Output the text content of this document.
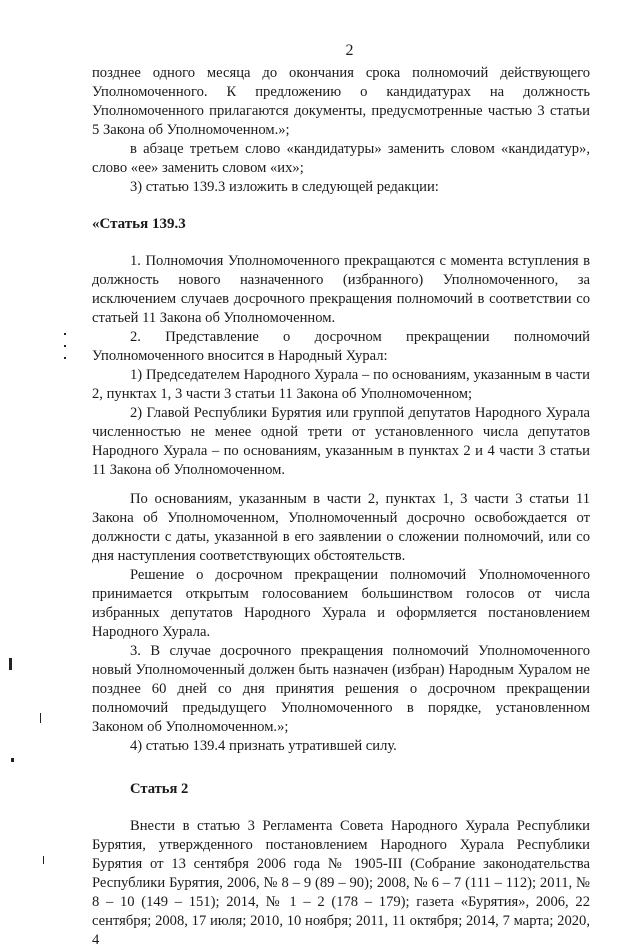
2

позднее одного месяца до окончания срока полномочий действующего Уполномоченного. К предложению о кандидатурах на должность Уполномоченного прилагаются документы, предусмотренные частью 3 статьи 5 Закона об Уполномоченном.»;

в абзаце третьем слово «кандидатуры» заменить словом «кандидатур», слово «ее» заменить словом «их»;

3) статью 139.3 изложить в следующей редакции:

«Статья 139.3

1. Полномочия Уполномоченного прекращаются с момента вступления в должность нового назначенного (избранного) Уполномоченного, за исключением случаев досрочного прекращения полномочий в соответствии со статьей 11 Закона об Уполномоченном.

2. Представление о досрочном прекращении полномочий Уполномоченного вносится в Народный Хурал:

1) Председателем Народного Хурала – по основаниям, указанным в части 2, пунктах 1, 3 части 3 статьи 11 Закона об Уполномоченном;

2) Главой Республики Бурятия или группой депутатов Народного Хурала численностью не менее одной трети от установленного числа депутатов Народного Хурала – по основаниям, указанным в пунктах 2 и 4 части 3 статьи 11 Закона об Уполномоченном.

По основаниям, указанным в части 2, пунктах 1, 3 части 3 статьи 11 Закона об Уполномоченном, Уполномоченный досрочно освобождается от должности с даты, указанной в его заявлении о сложении полномочий, или со дня наступления соответствующих обстоятельств.

Решение о досрочном прекращении полномочий Уполномоченного принимается открытым голосованием большинством голосов от числа избранных депутатов Народного Хурала и оформляется постановлением Народного Хурала.

3. В случае досрочного прекращения полномочий Уполномоченного новый Уполномоченный должен быть назначен (избран) Народным Хуралом не позднее 60 дней со дня принятия решения о досрочном прекращении полномочий предыдущего Уполномоченного в порядке, установленном Законом об Уполномоченном.»;

4) статью 139.4 признать утратившей силу.

Статья 2

Внести в статью 3 Регламента Совета Народного Хурала Республики Бурятия, утвержденного постановлением Народного Хурала Республики Бурятия от 13 сентября 2006 года № 1905-III (Собрание законодательства Республики Бурятия, 2006, № 8 – 9 (89 – 90); 2008, № 6 – 7 (111 – 112); 2011, № 8 – 10 (149 – 151); 2014, № 1 – 2 (178 – 179); газета «Бурятия», 2006, 22 сентября; 2008, 17 июля; 2010, 10 ноября; 2011, 11 октября; 2014, 7 марта; 2020, 4
